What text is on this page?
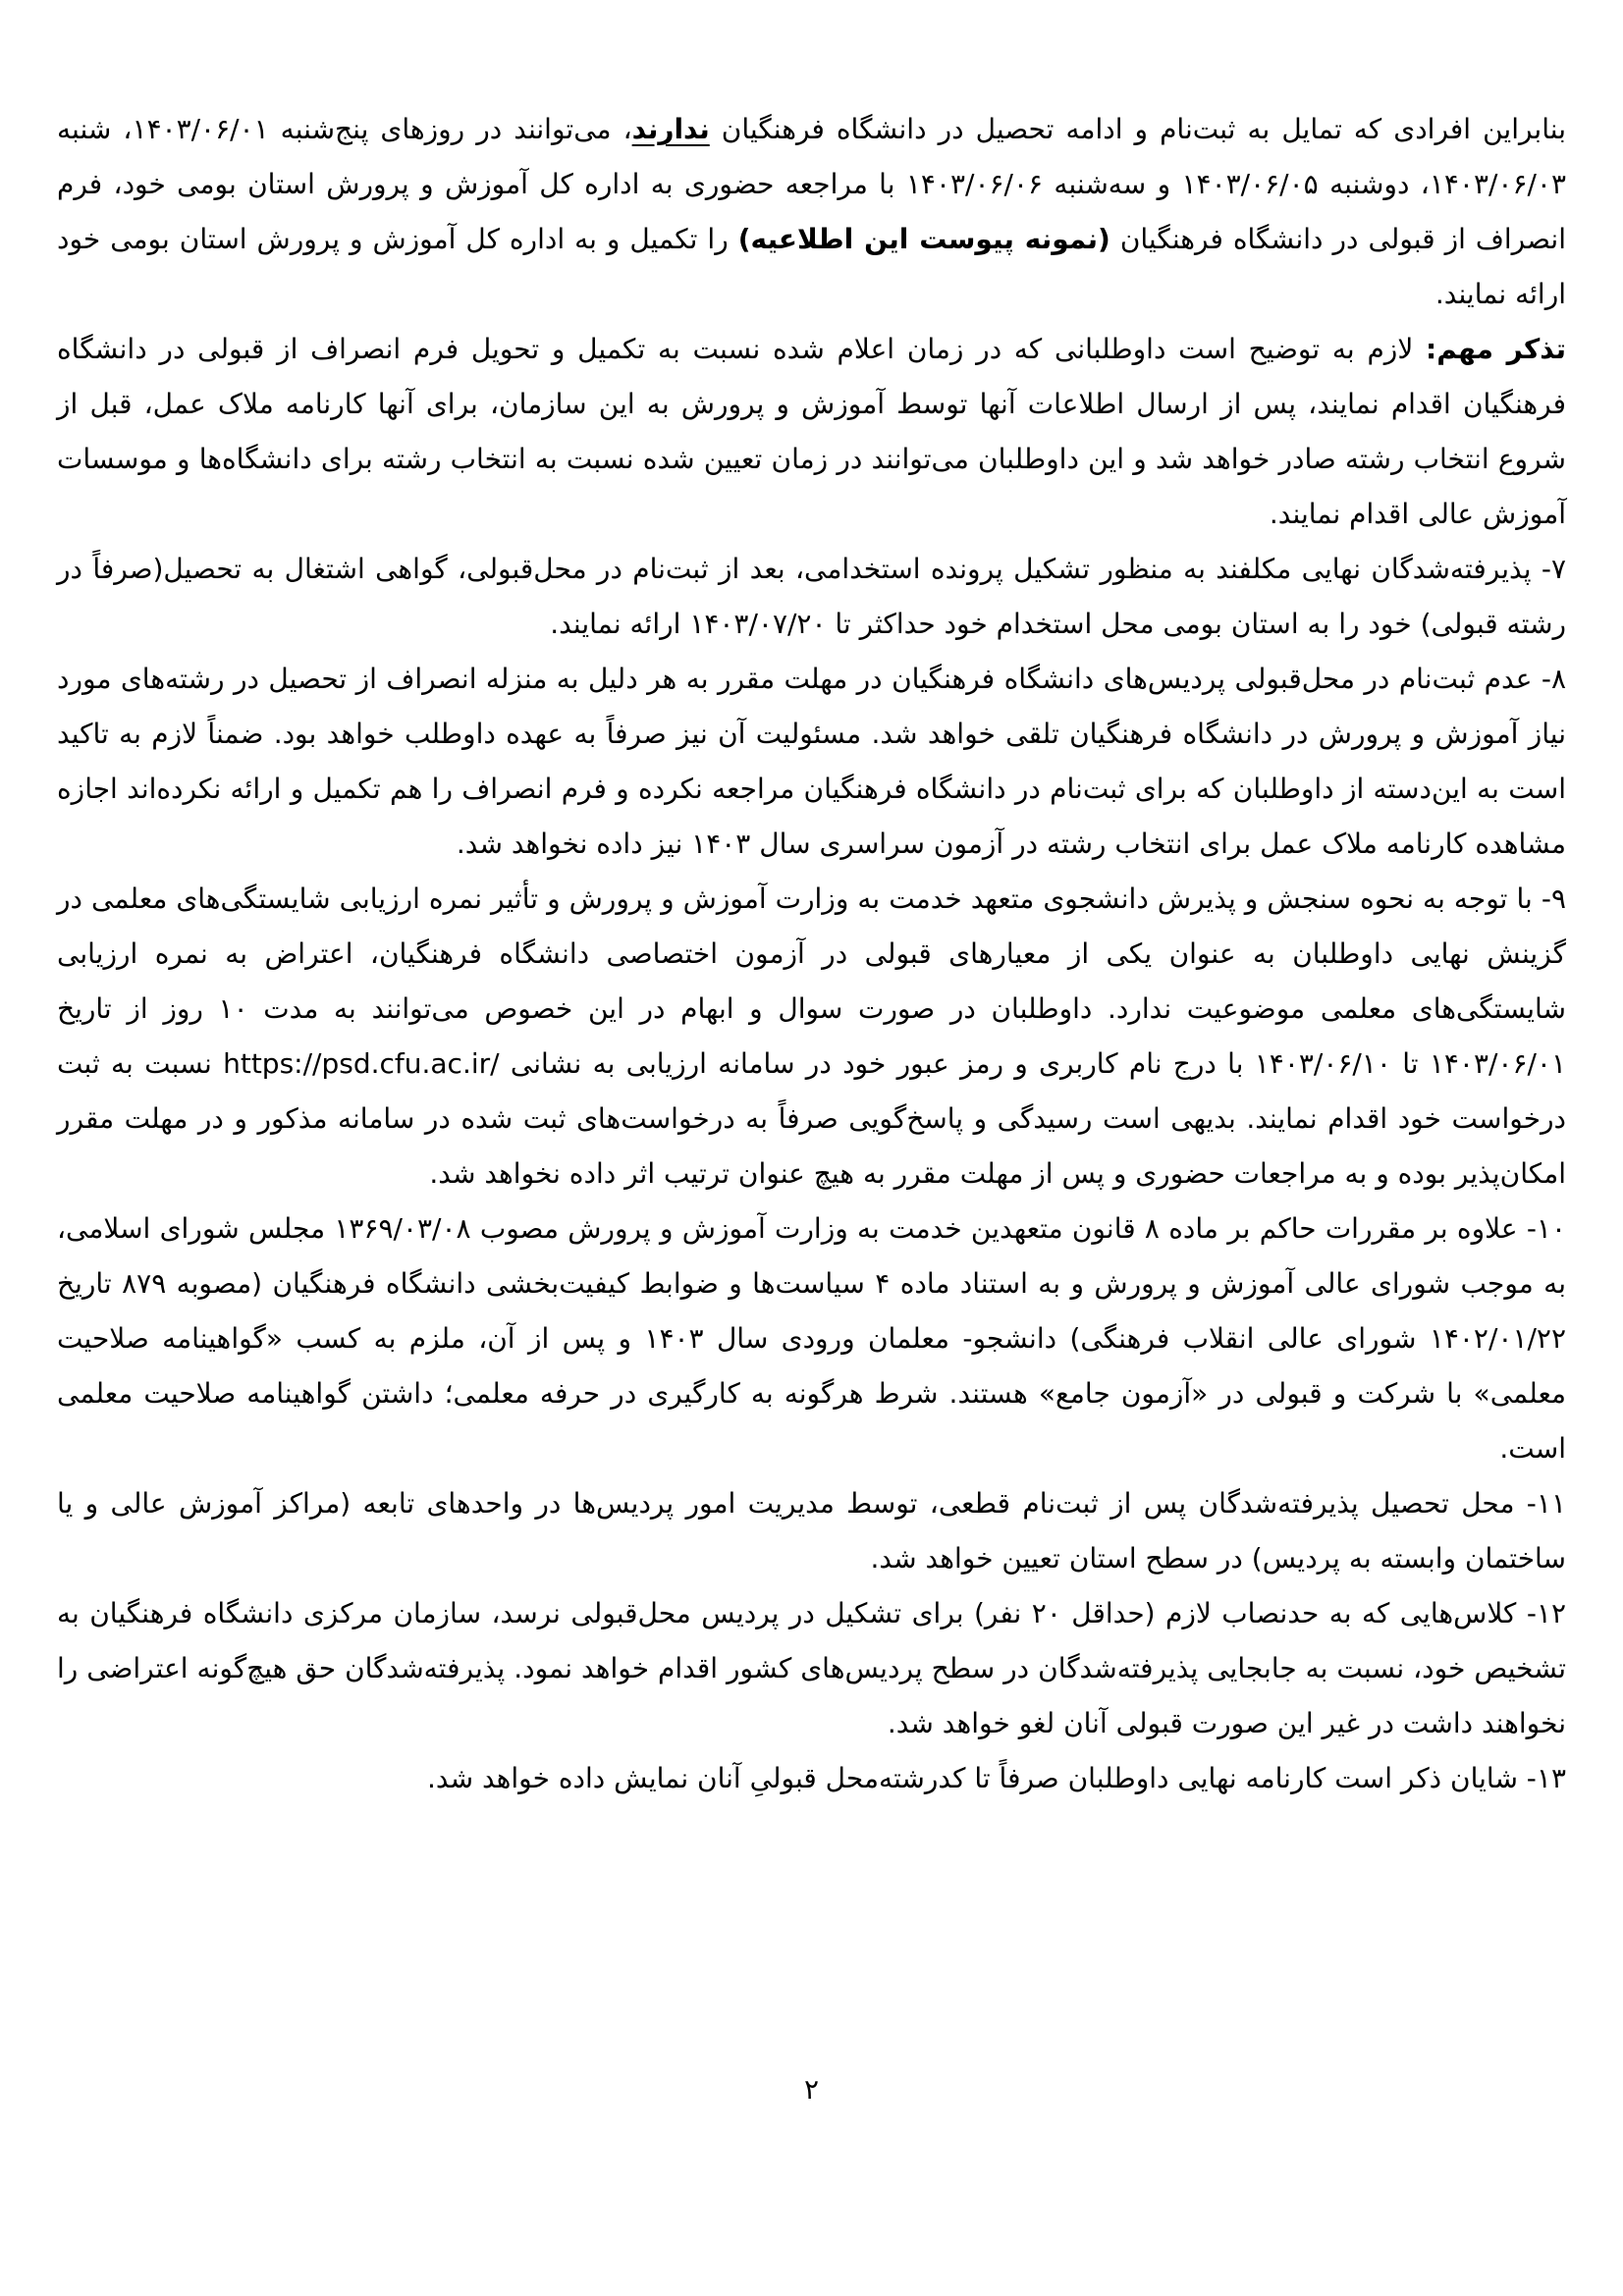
بنابراین افرادی که تمایل به ثبت‌نام و ادامه تحصیل در دانشگاه فرهنگیان ندارند، می‌توانند در روزهای پنج‌شنبه ۱۴۰۳/۰۶/۰۱، شنبه ۱۴۰۳/۰۶/۰۳، دوشنبه ۱۴۰۳/۰۶/۰۵ و سه‌شنبه ۱۴۰۳/۰۶/۰۶ با مراجعه حضوری به اداره کل آموزش و پرورش استان بومی خود، فرم انصراف از قبولی در دانشگاه فرهنگیان (نمونه پیوست این اطلاعیه) را تکمیل و به اداره کل آموزش و پرورش استان بومی خود ارائه نمایند.

تذکر مهم: لازم به توضیح است داوطلبانی که در زمان اعلام شده نسبت به تکمیل و تحویل فرم انصراف از قبولی در دانشگاه فرهنگیان اقدام نمایند، پس از ارسال اطلاعات آنها توسط آموزش و پرورش به این سازمان، برای آنها کارنامه ملاک عمل، قبل از شروع انتخاب رشته صادر خواهد شد و این داوطلبان می‌توانند در زمان تعیین شده نسبت به انتخاب رشته برای دانشگاه‌ها و موسسات آموزش عالی اقدام نمایند.

۷- پذیرفته‌شدگان نهایی مکلفند به منظور تشکیل پرونده استخدامی، بعد از ثبت‌نام در محل‌قبولی، گواهی اشتغال به تحصیل(صرفاً در رشته قبولی) خود را به استان بومی محل استخدام خود حداکثر تا ۱۴۰۳/۰۷/۲۰ ارائه نمایند.

۸- عدم ثبت‌نام در محل‌قبولی پردیس‌های دانشگاه فرهنگیان در مهلت مقرر به هر دلیل به منزله انصراف از تحصیل در رشته‌های مورد نیاز آموزش و پرورش در دانشگاه فرهنگیان تلقی خواهد شد. مسئولیت آن نیز صرفاً به عهده داوطلب خواهد بود. ضمناً لازم به تاکید است به این‌دسته از داوطلبان که برای ثبت‌نام در دانشگاه فرهنگیان مراجعه نکرده و فرم انصراف را هم تکمیل و ارائه نکرده‌اند اجازه مشاهده کارنامه ملاک عمل برای انتخاب رشته در آزمون سراسری سال ۱۴۰۳ نیز داده نخواهد شد.

۹- با توجه به نحوه سنجش و پذیرش دانشجوی متعهد خدمت به وزارت آموزش و پرورش و تأثیر نمره ارزیابی شایستگی‌های معلمی در گزینش نهایی داوطلبان به عنوان یکی از معیارهای قبولی در آزمون اختصاصی دانشگاه فرهنگیان، اعتراض به نمره ارزیابی شایستگی‌های معلمی موضوعیت ندارد. داوطلبان در صورت سوال و ابهام در این خصوص می‌توانند به مدت ۱۰ روز از تاریخ ۱۴۰۳/۰۶/۰۱ تا ۱۴۰۳/۰۶/۱۰ با درج نام کاربری و رمز عبور خود در سامانه ارزیابی به نشانی https://psd.cfu.ac.ir/ نسبت به ثبت درخواست خود اقدام نمایند. بدیهی است رسیدگی و پاسخ‌گویی صرفاً به درخواست‌های ثبت شده در سامانه مذکور و در مهلت مقرر امکان‌پذیر بوده و به مراجعات حضوری و پس از مهلت مقرر به هیچ عنوان ترتیب اثر داده نخواهد شد.

۱۰- علاوه بر مقررات حاکم بر ماده ۸ قانون متعهدین خدمت به وزارت آموزش و پرورش مصوب ۱۳۶۹/۰۳/۰۸ مجلس شورای اسلامی، به موجب شورای عالی آموزش و پرورش و به استناد ماده ۴ سیاست‌ها و ضوابط کیفیت‌بخشی دانشگاه فرهنگیان (مصوبه ۸۷۹ تاریخ ۱۴۰۲/۰۱/۲۲ شورای عالی انقلاب فرهنگی) دانشجو- معلمان ورودی سال ۱۴۰۳ و پس از آن، ملزم به کسب «گواهینامه صلاحیت معلمی» با شرکت و قبولی در «آزمون جامع» هستند. شرط هرگونه به کارگیری در حرفه معلمی؛ داشتن گواهینامه صلاحیت معلمی است.

۱۱- محل تحصیل پذیرفته‌شدگان پس از ثبت‌نام قطعی، توسط مدیریت امور پردیس‌ها در واحدهای تابعه (مراکز آموزش عالی و یا ساختمان وابسته به پردیس) در سطح استان تعیین خواهد شد.

۱۲- کلاس‌هایی که به حدنصاب لازم (حداقل ۲۰ نفر) برای تشکیل در پردیس محل‌قبولی نرسد، سازمان مرکزی دانشگاه فرهنگیان به تشخیص خود، نسبت به جابجایی پذیرفته‌شدگان در سطح پردیس‌های کشور اقدام خواهد نمود. پذیرفته‌شدگان حق هیچ‌گونه اعتراضی را نخواهند داشت در غیر این صورت قبولی آنان لغو خواهد شد.

۱۳- شایان ذکر است کارنامه نهایی داوطلبان صرفاً تا کدرشته‌محل قبولیِ آنان نمایش داده خواهد شد.

۲
